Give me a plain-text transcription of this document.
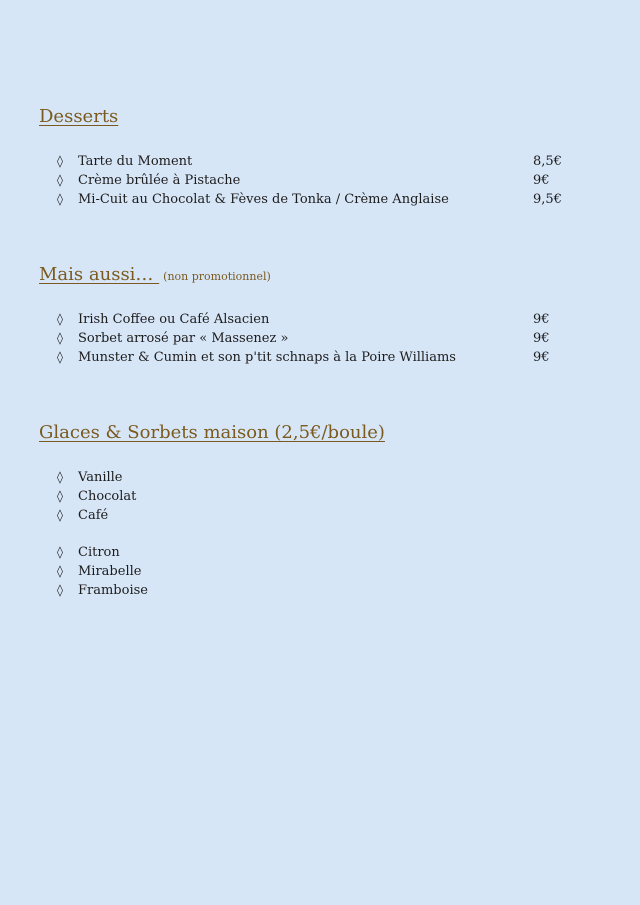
Desserts
◊ Tarte du Moment	8,5€
◊ Crème brûlée à Pistache	9€
◊ Mi-Cuit au Chocolat & Fèves de Tonka / Crème Anglaise	9,5€
Mais aussi… (non promotionnel)
◊ Irish Coffee ou Café Alsacien	9€
◊ Sorbet arrosé par « Massenez »	9€
◊ Munster & Cumin et son p'tit schnaps à la Poire Williams	9€
Glaces & Sorbets maison (2,5€/boule)
◊ Vanille
◊ Chocolat
◊ Café
◊ Citron
◊ Mirabelle
◊ Framboise
